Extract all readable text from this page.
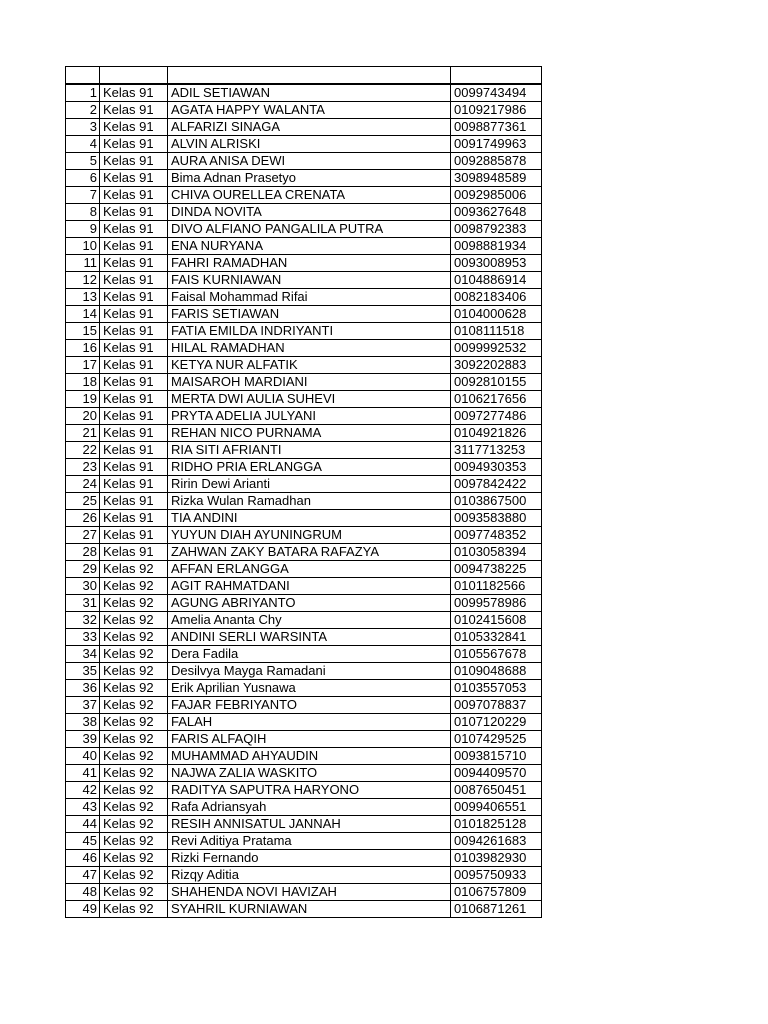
1	Kelas 91	ADIL SETIAWAN	0099743494
2	Kelas 91	AGATA HAPPY WALANTA	0109217986
3	Kelas 91	ALFARIZI SINAGA	0098877361
4	Kelas 91	ALVIN ALRISKI	0091749963
5	Kelas 91	AURA ANISA DEWI	0092885878
6	Kelas 91	Bima Adnan Prasetyo	3098948589
7	Kelas 91	CHIVA OURELLEA CRENATA	0092985006
8	Kelas 91	DINDA NOVITA	0093627648
9	Kelas 91	DIVO ALFIANO PANGALILA PUTRA	0098792383
10	Kelas 91	ENA NURYANA	0098881934
11	Kelas 91	FAHRI RAMADHAN	0093008953
12	Kelas 91	FAIS KURNIAWAN	0104886914
13	Kelas 91	Faisal Mohammad Rifai	0082183406
14	Kelas 91	FARIS SETIAWAN	0104000628
15	Kelas 91	FATIA EMILDA INDRIYANTI	0108111518
16	Kelas 91	HILAL RAMADHAN	0099992532
17	Kelas 91	KETYA NUR ALFATIK	3092202883
18	Kelas 91	MAISAROH MARDIANI	0092810155
19	Kelas 91	MERTA DWI AULIA SUHEVI	0106217656
20	Kelas 91	PRYTA ADELIA JULYANI	0097277486
21	Kelas 91	REHAN NICO PURNAMA	0104921826
22	Kelas 91	RIA SITI AFRIANTI	3117713253
23	Kelas 91	RIDHO PRIA ERLANGGA	0094930353
24	Kelas 91	Ririn Dewi Arianti	0097842422
25	Kelas 91	Rizka Wulan Ramadhan	0103867500
26	Kelas 91	TIA ANDINI	0093583880
27	Kelas 91	YUYUN DIAH AYUNINGRUM	0097748352
28	Kelas 91	ZAHWAN ZAKY BATARA RAFAZYA	0103058394
29	Kelas 92	AFFAN ERLANGGA	0094738225
30	Kelas 92	AGIT RAHMATDANI	0101182566
31	Kelas 92	AGUNG ABRIYANTO	0099578986
32	Kelas 92	Amelia Ananta Chy	0102415608
33	Kelas 92	ANDINI SERLI WARSINTA	0105332841
34	Kelas 92	Dera Fadila	0105567678
35	Kelas 92	Desilvya Mayga Ramadani	0109048688
36	Kelas 92	Erik Aprilian Yusnawa	0103557053
37	Kelas 92	FAJAR FEBRIYANTO	0097078837
38	Kelas 92	FALAH	0107120229
39	Kelas 92	FARIS ALFAQIH	0107429525
40	Kelas 92	MUHAMMAD AHYAUDIN	0093815710
41	Kelas 92	NAJWA ZALIA WASKITO	0094409570
42	Kelas 92	RADITYA SAPUTRA HARYONO	0087650451
43	Kelas 92	Rafa Adriansyah	0099406551
44	Kelas 92	RESIH ANNISATUL JANNAH	0101825128
45	Kelas 92	Revi Aditiya Pratama	0094261683
46	Kelas 92	Rizki Fernando	0103982930
47	Kelas 92	Rizqy Aditia	0095750933
48	Kelas 92	SHAHENDA NOVI HAVIZAH	0106757809
49	Kelas 92	SYAHRIL KURNIAWAN	0106871261
